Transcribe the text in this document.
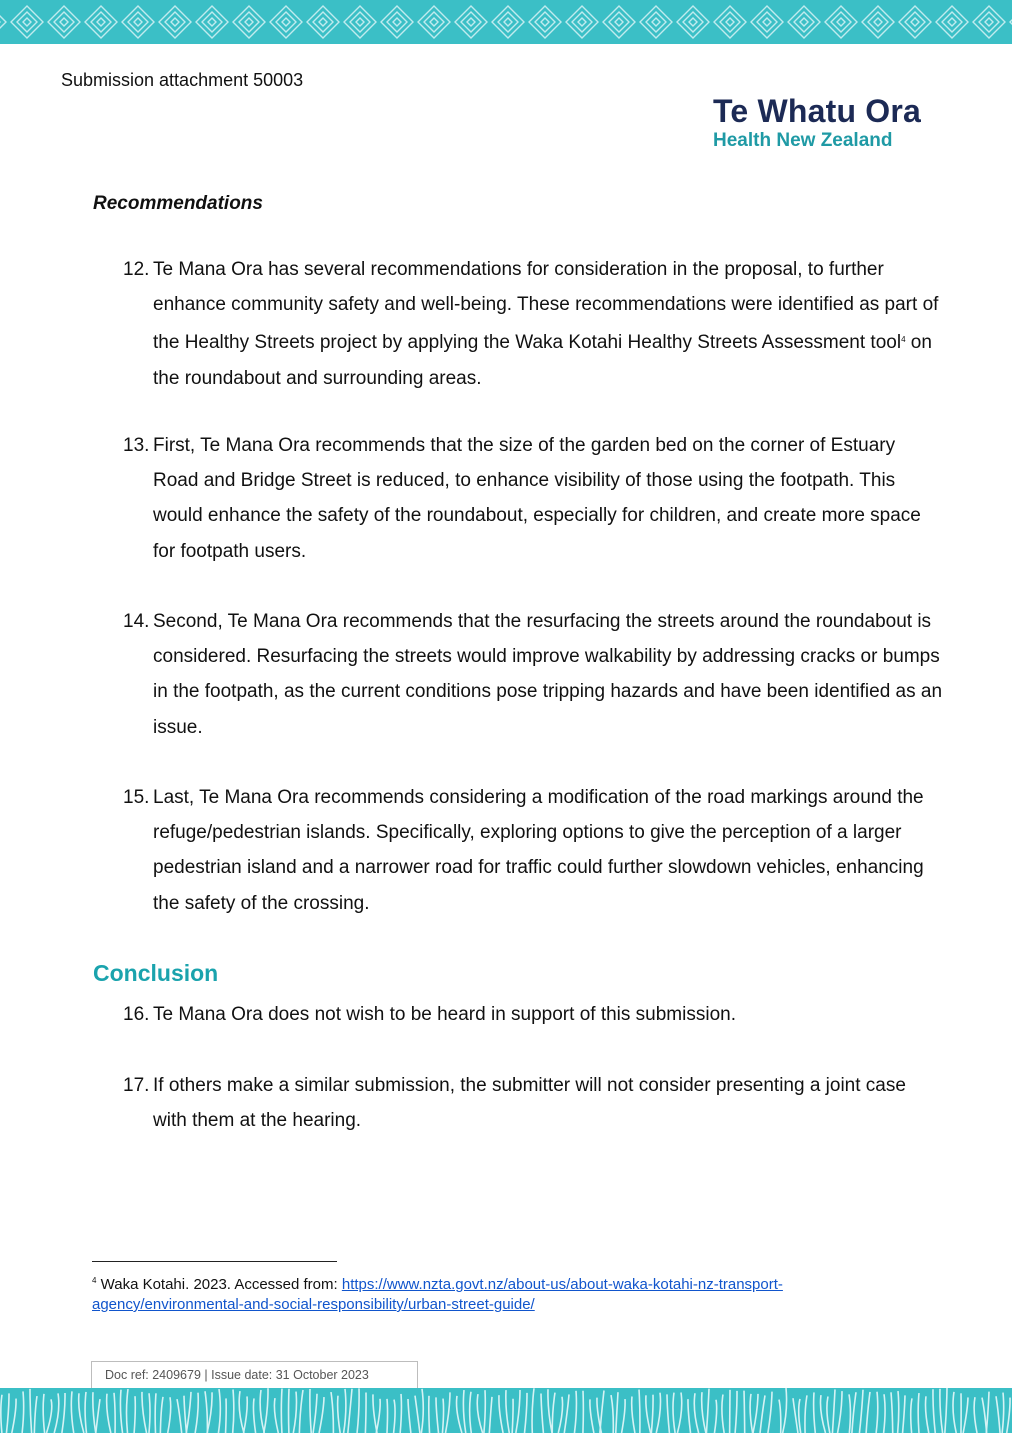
Submission attachment 50003
Te Whatu Ora
Health New Zealand
Recommendations
12. Te Mana Ora has several recommendations for consideration in the proposal, to further enhance community safety and well-being. These recommendations were identified as part of the Healthy Streets project by applying the Waka Kotahi Healthy Streets Assessment tool$^4$ on the roundabout and surrounding areas.
13. First, Te Mana Ora recommends that the size of the garden bed on the corner of Estuary Road and Bridge Street is reduced, to enhance visibility of those using the footpath. This would enhance the safety of the roundabout, especially for children, and create more space for footpath users.
14. Second, Te Mana Ora recommends that the resurfacing the streets around the roundabout is considered. Resurfacing the streets would improve walkability by addressing cracks or bumps in the footpath, as the current conditions pose tripping hazards and have been identified as an issue.
15. Last, Te Mana Ora recommends considering a modification of the road markings around the refuge/pedestrian islands. Specifically, exploring options to give the perception of a larger pedestrian island and a narrower road for traffic could further slowdown vehicles, enhancing the safety of the crossing.
Conclusion
16. Te Mana Ora does not wish to be heard in support of this submission.
17. If others make a similar submission, the submitter will not consider presenting a joint case with them at the hearing.
$^4$ Waka Kotahi. 2023. Accessed from: https://www.nzta.govt.nz/about-us/about-waka-kotahi-nz-transport-agency/environmental-and-social-responsibility/urban-street-guide/
Doc ref: 2409679 | Issue date: 31 October 2023
